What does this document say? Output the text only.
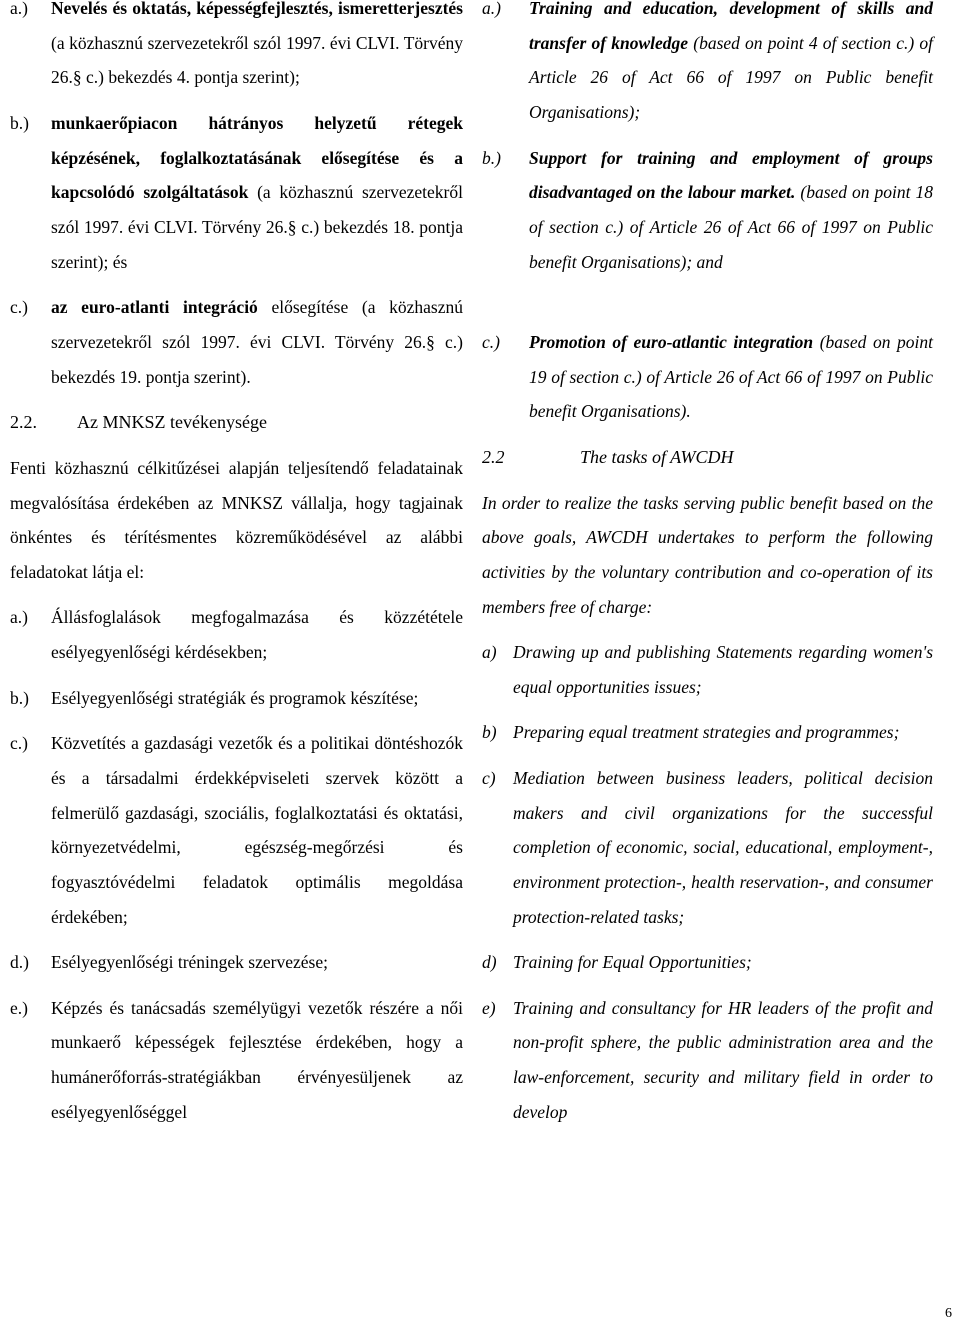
a.)	Nevelés és oktatás, képességfejlesztés, ismeretterjesztés (a közhasznú szervezetekről szól 1997. évi CLVI. Törvény 26.§ c.) bekezdés 4. pontja szerint);
b.)	munkaerőpiacon hátrányos helyzetű rétegek képzésének, foglalkoztatásának elősegítése és a kapcsolódó szolgáltatások (a közhasznú szervezetekről szól 1997. évi CLVI. Törvény 26.§ c.) bekezdés 18. pontja szerint); és
c.)	az euro-atlanti integráció elősegítése (a közhasznú szervezetekről szól 1997. évi CLVI. Törvény 26.§ c.) bekezdés 19. pontja szerint).
2.2.	Az MNKSZ tevékenysége
Fenti közhasznú célkitűzései alapján teljesítendő feladatainak megvalósítása érdekében az MNKSZ vállalja, hogy tagjainak önkéntes és térítésmentes közreműködésével az alábbi feladatokat látja el:
a.)	Állásfoglalások megfogalmazása és közzététele esélyegyenlőségi kérdésekben;
b.)	Esélyegyenlőségi stratégiák és programok készítése;
c.)	Közvetítés a gazdasági vezetők és a politikai döntéshozók és a társadalmi érdekképviseleti szervek között a felmerülő gazdasági, szociális, foglalkoztatási és oktatási, környezetvédelmi, egészség-megőrzési és fogyasztóvédelmi feladatok optimális megoldása érdekében;
d.)	Esélyegyenlőségi tréningek szervezése;
e.)	Képzés és tanácsadás személyügyi vezetők részére a női munkaerő képességek fejlesztése érdekében, hogy a humánerőforrás-stratégiákban érvényesüljenek az esélyegyenlőséggel
a.)	Training and education, development of skills and transfer of knowledge (based on point 4 of section c.) of Article 26 of Act 66 of 1997 on Public benefit Organisations);
b.)	Support for training and employment of groups disadvantaged on the labour market. (based on point 18 of section c.) of Article 26 of Act 66 of 1997 on Public benefit Organisations); and
c.)	Promotion of euro-atlantic integration (based on point 19 of section c.) of Article 26 of Act 66 of 1997 on Public benefit Organisations).
2.2	The tasks of AWCDH
In order to realize the tasks serving public benefit based on the above goals, AWCDH undertakes to perform the following activities by the voluntary contribution and co-operation of its members free of charge:
a) Drawing up and publishing Statements regarding women's equal opportunities issues;
b) Preparing equal treatment strategies and programmes;
c) Mediation between business leaders, political decision makers and civil organizations for the successful completion of economic, social, educational, employment-, environment protection-, health reservation-, and consumer protection-related tasks;
d) Training for Equal Opportunities;
e) Training and consultancy for HR leaders of the profit and non-profit sphere, the public administration area and the law-enforcement, security and military field in order to develop
6
